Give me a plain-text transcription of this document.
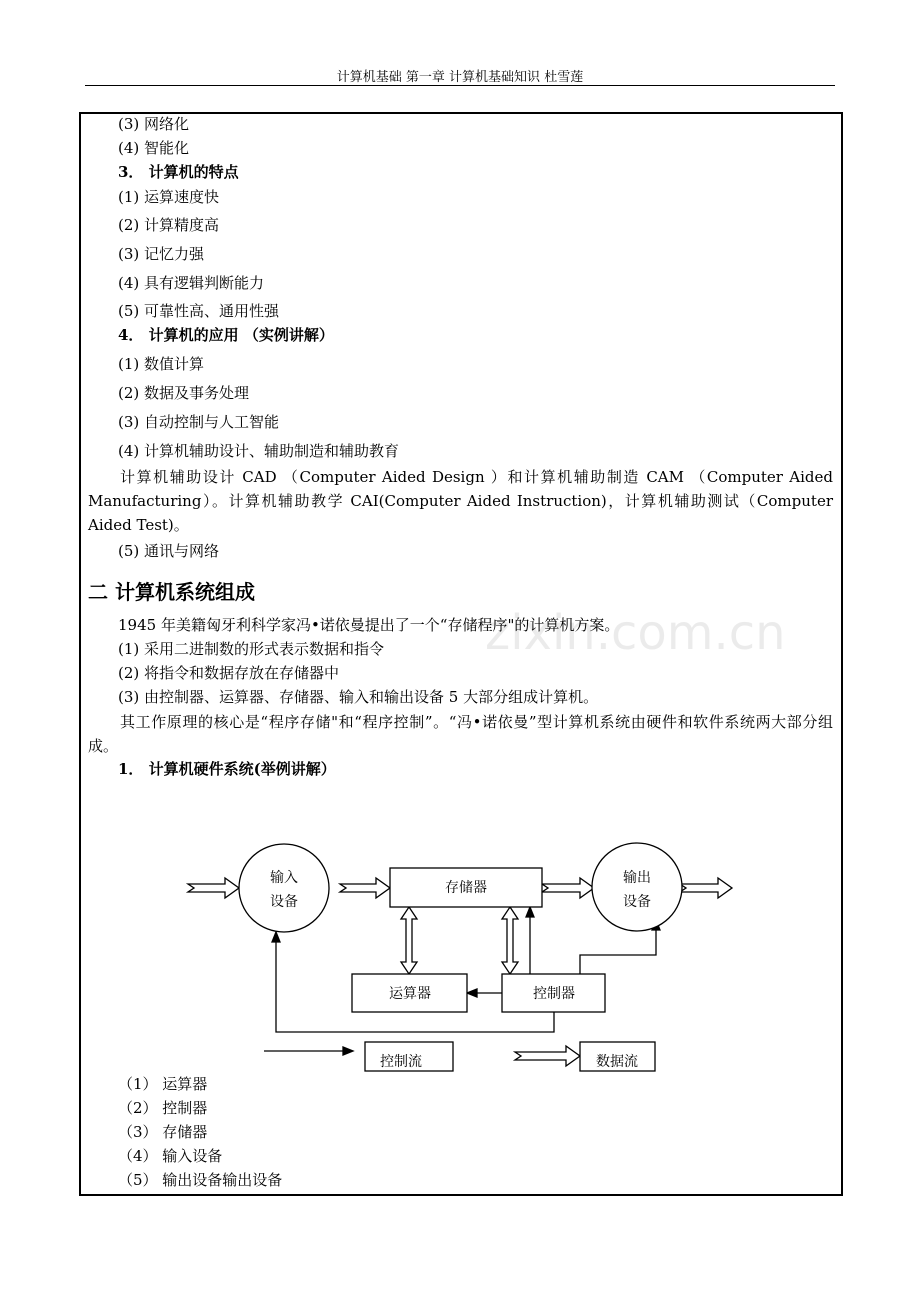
计算机基础 第一章 计算机基础知识 杜雪莲
zixin.com.cn
(3) 网络化
(4) 智能化
3． 计算机的特点
(1) 运算速度快
(2) 计算精度高
(3) 记忆力强
(4) 具有逻辑判断能力
(5) 可靠性高、通用性强
4． 计算机的应用 （实例讲解）
(1) 数值计算
(2) 数据及事务处理
(3) 自动控制与人工智能
(4) 计算机辅助设计、辅助制造和辅助教育
(5) 通讯与网络
1945 年美籍匈牙利科学家冯•诺依曼提出了一个“存储程序"的计算机方案。
(1) 采用二进制数的形式表示数据和指令
(2) 将指令和数据存放在存储器中
(3) 由控制器、运算器、存储器、输入和输出设备 5 大部分组成计算机。
1． 计算机硬件系统(举例讲解）
（1） 运算器
（2） 控制器
（3） 存储器
（4） 输入设备
（5） 输出设备输出设备
计算机辅助设计 CAD （Computer Aided Design ）和计算机辅助制造 CAM （Computer Aided Manufacturing）。计算机辅助教学 CAI(Computer Aided Instruction)，计算机辅助测试（Computer Aided Test)。
二 计算机系统组成
其工作原理的核心是“程序存储"和“程序控制”。“冯•诺依曼”型计算机系统由硬件和软件系统两大部分组成。
输入
设备
输出
设备
存储器
运算器	控制器
控制流	数据流
